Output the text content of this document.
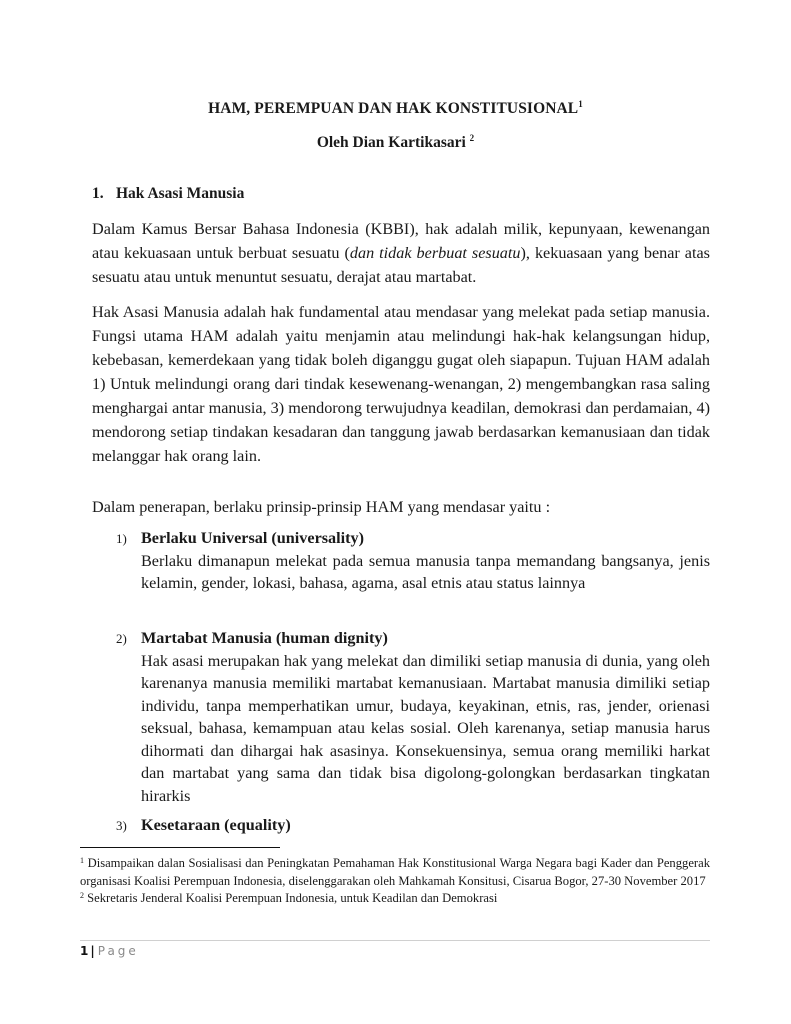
HAM, PEREMPUAN DAN HAK KONSTITUSIONAL$^1$
Oleh Dian Kartikasari $^2$
1. Hak Asasi Manusia
Dalam Kamus Bersar Bahasa Indonesia (KBBI), hak adalah milik, kepunyaan, kewenangan atau kekuasaan untuk berbuat sesuatu (dan tidak berbuat sesuatu), kekuasaan yang benar atas sesuatu atau untuk menuntut sesuatu, derajat atau martabat.
Hak Asasi Manusia adalah hak fundamental atau mendasar yang melekat pada setiap manusia. Fungsi utama HAM adalah yaitu menjamin atau melindungi hak-hak kelangsungan hidup, kebebasan, kemerdekaan yang tidak boleh diganggu gugat oleh siapapun. Tujuan HAM adalah 1) Untuk melindungi orang dari tindak kesewenang-wenangan, 2) mengembangkan rasa saling menghargai antar manusia, 3) mendorong terwujudnya keadilan, demokrasi dan perdamaian, 4) mendorong setiap tindakan kesadaran dan tanggung jawab berdasarkan kemanusiaan dan tidak melanggar hak orang lain.
Dalam penerapan, berlaku prinsip-prinsip HAM yang mendasar yaitu :
1) Berlaku Universal (universality)
Berlaku dimanapun melekat pada semua manusia tanpa memandang bangsanya, jenis kelamin, gender, lokasi, bahasa, agama, asal etnis atau status lainnya
2) Martabat Manusia (human dignity)
Hak asasi merupakan hak yang melekat dan dimiliki setiap manusia di dunia, yang oleh karenanya manusia memiliki martabat kemanusiaan. Martabat manusia dimiliki setiap individu, tanpa memperhatikan umur, budaya, keyakinan, etnis, ras, jender, orienasi seksual, bahasa, kemampuan atau kelas sosial. Oleh karenanya, setiap manusia harus dihormati dan dihargai hak asasinya. Konsekuensinya, semua orang memiliki harkat dan martabat yang sama dan tidak bisa digolong-golongkan berdasarkan tingkatan hirarkis
3) Kesetaraan (equality)

$^1$ Disampaikan dalan Sosialisasi dan Peningkatan Pemahaman Hak Konstitusional Warga Negara bagi Kader dan Penggerak organisasi Koalisi Perempuan Indonesia, diselenggarakan oleh Mahkamah Konsitusi, Cisarua Bogor, 27-30 November 2017

$^2$ Sekretaris Jenderal Koalisi Perempuan Indonesia, untuk Keadilan dan Demokrasi

1 | Page
